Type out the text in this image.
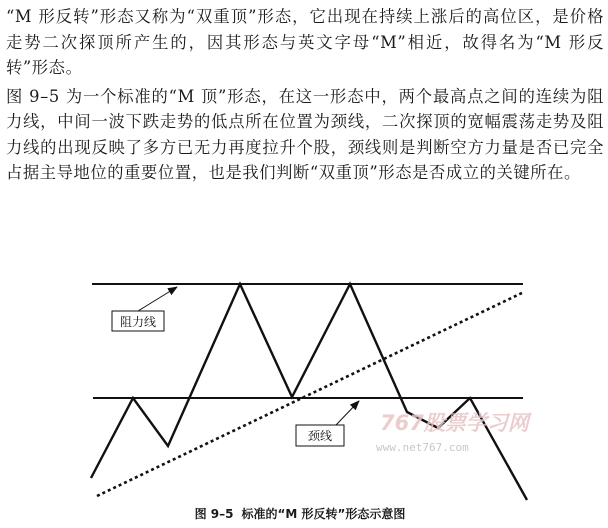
“M 形反转”形态又称为“双重顶”形态，它出现在持续上涨后的高位区，是价格走势二次探顶所产生的，因其形态与英文字母“M”相近，故得名为“M 形反转”形态。

图 9–5 为一个标准的“M 顶”形态，在这一形态中，两个最高点之间的连续为阻力线，中间一波下跌走势的低点所在位置为颈线，二次探顶的宽幅震荡走势及阻力线的出现反映了多方已无力再度拉升个股，颈线则是判断空方力量是否已完全占据主导地位的重要位置，也是我们判断“双重顶”形态是否成立的关键所在。

阻力线
颈线
767股票学习网
www.net767.com
图 9–5 标准的“M 形反转”形态示意图
